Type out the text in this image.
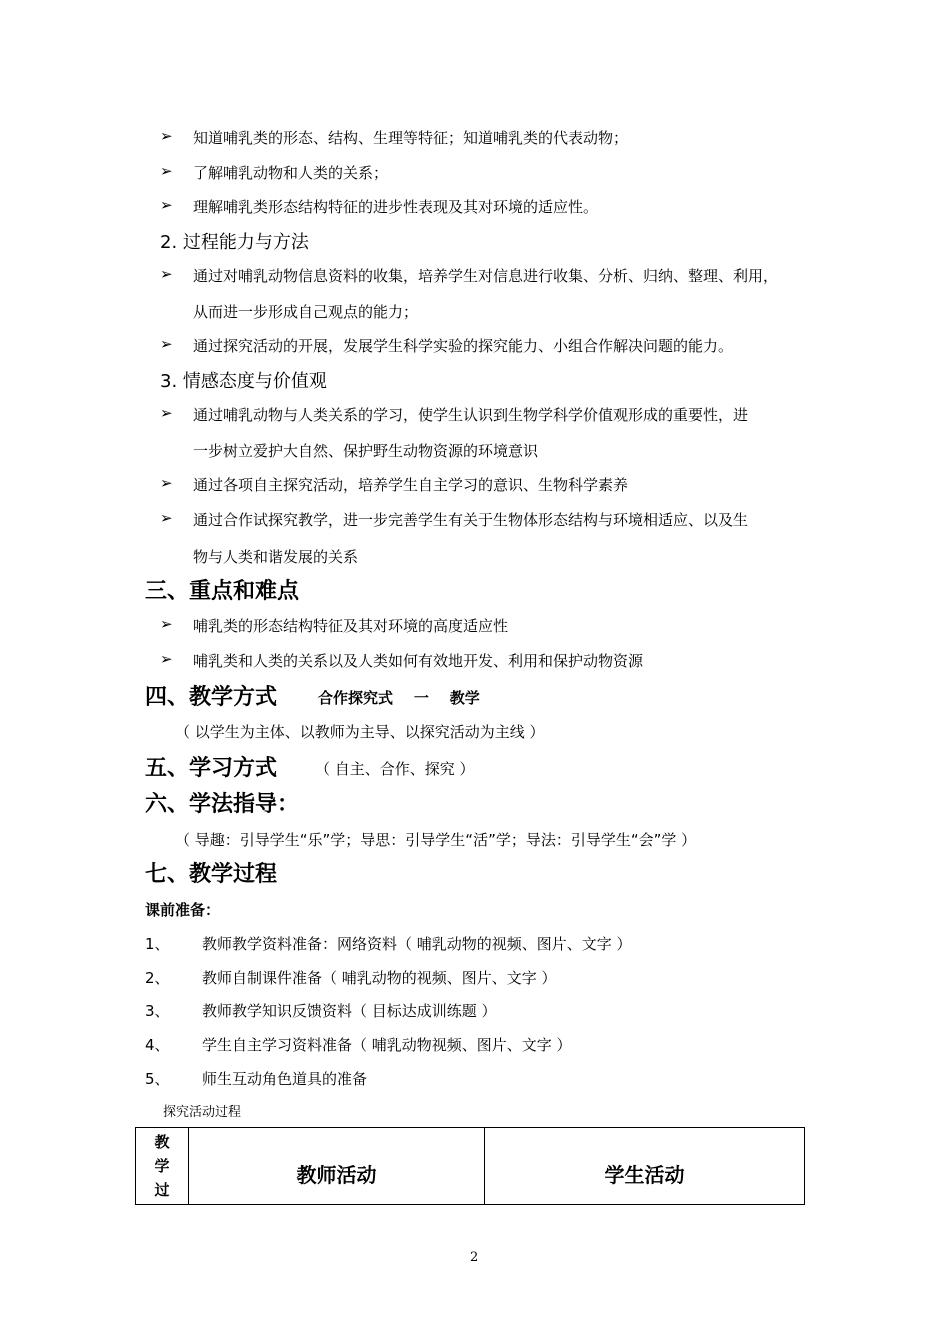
➢ 知道哺乳类的形态、结构、生理等特征；知道哺乳类的代表动物；
➢ 了解哺乳动物和人类的关系；
➢ 理解哺乳类形态结构特征的进步性表现及其对环境的适应性。
2. 过程能力与方法
➢ 通过对哺乳动物信息资料的收集，培养学生对信息进行收集、分析、归纳、整理、利用，
从而进一步形成自己观点的能力；
➢ 通过探究活动的开展，发展学生科学实验的探究能力、小组合作解决问题的能力。
3. 情感态度与价值观
➢ 通过哺乳动物与人类关系的学习，使学生认识到生物学科学价值观形成的重要性，进
一步树立爱护大自然、保护野生动物资源的环境意识
➢ 通过各项自主探究活动，培养学生自主学习的意识、生物科学素养
➢ 通过合作试探究教学，进一步完善学生有关于生物体形态结构与环境相适应、以及生
物与人类和谐发展的关系
三、重点和难点
➢ 哺乳类的形态结构特征及其对环境的高度适应性
➢ 哺乳类和人类的关系以及人类如何有效地开发、利用和保护动物资源
四、教学方式	合作探究式    一    教学
（ 以学生为主体、以教师为主导、以探究活动为主线 ）
五、学习方式	（ 自主、合作、探究 ）
六、学法指导：
（ 导趣：引导学生“乐”学；导思：引导学生“活”学；导法：引导学生“会”学 ）
七、教学过程
课前准备：
1、 教师教学资料准备：网络资料（ 哺乳动物的视频、图片、文字 ）
2、 教师自制课件准备（ 哺乳动物的视频、图片、文字 ）
3、 教师教学知识反馈资料（ 目标达成训练题 ）
4、 学生自主学习资料准备（ 哺乳动物视频、图片、文字 ）
5、 师生互动角色道具的准备
探究活动过程
教
学
过
	教师活动	学生活动
2
